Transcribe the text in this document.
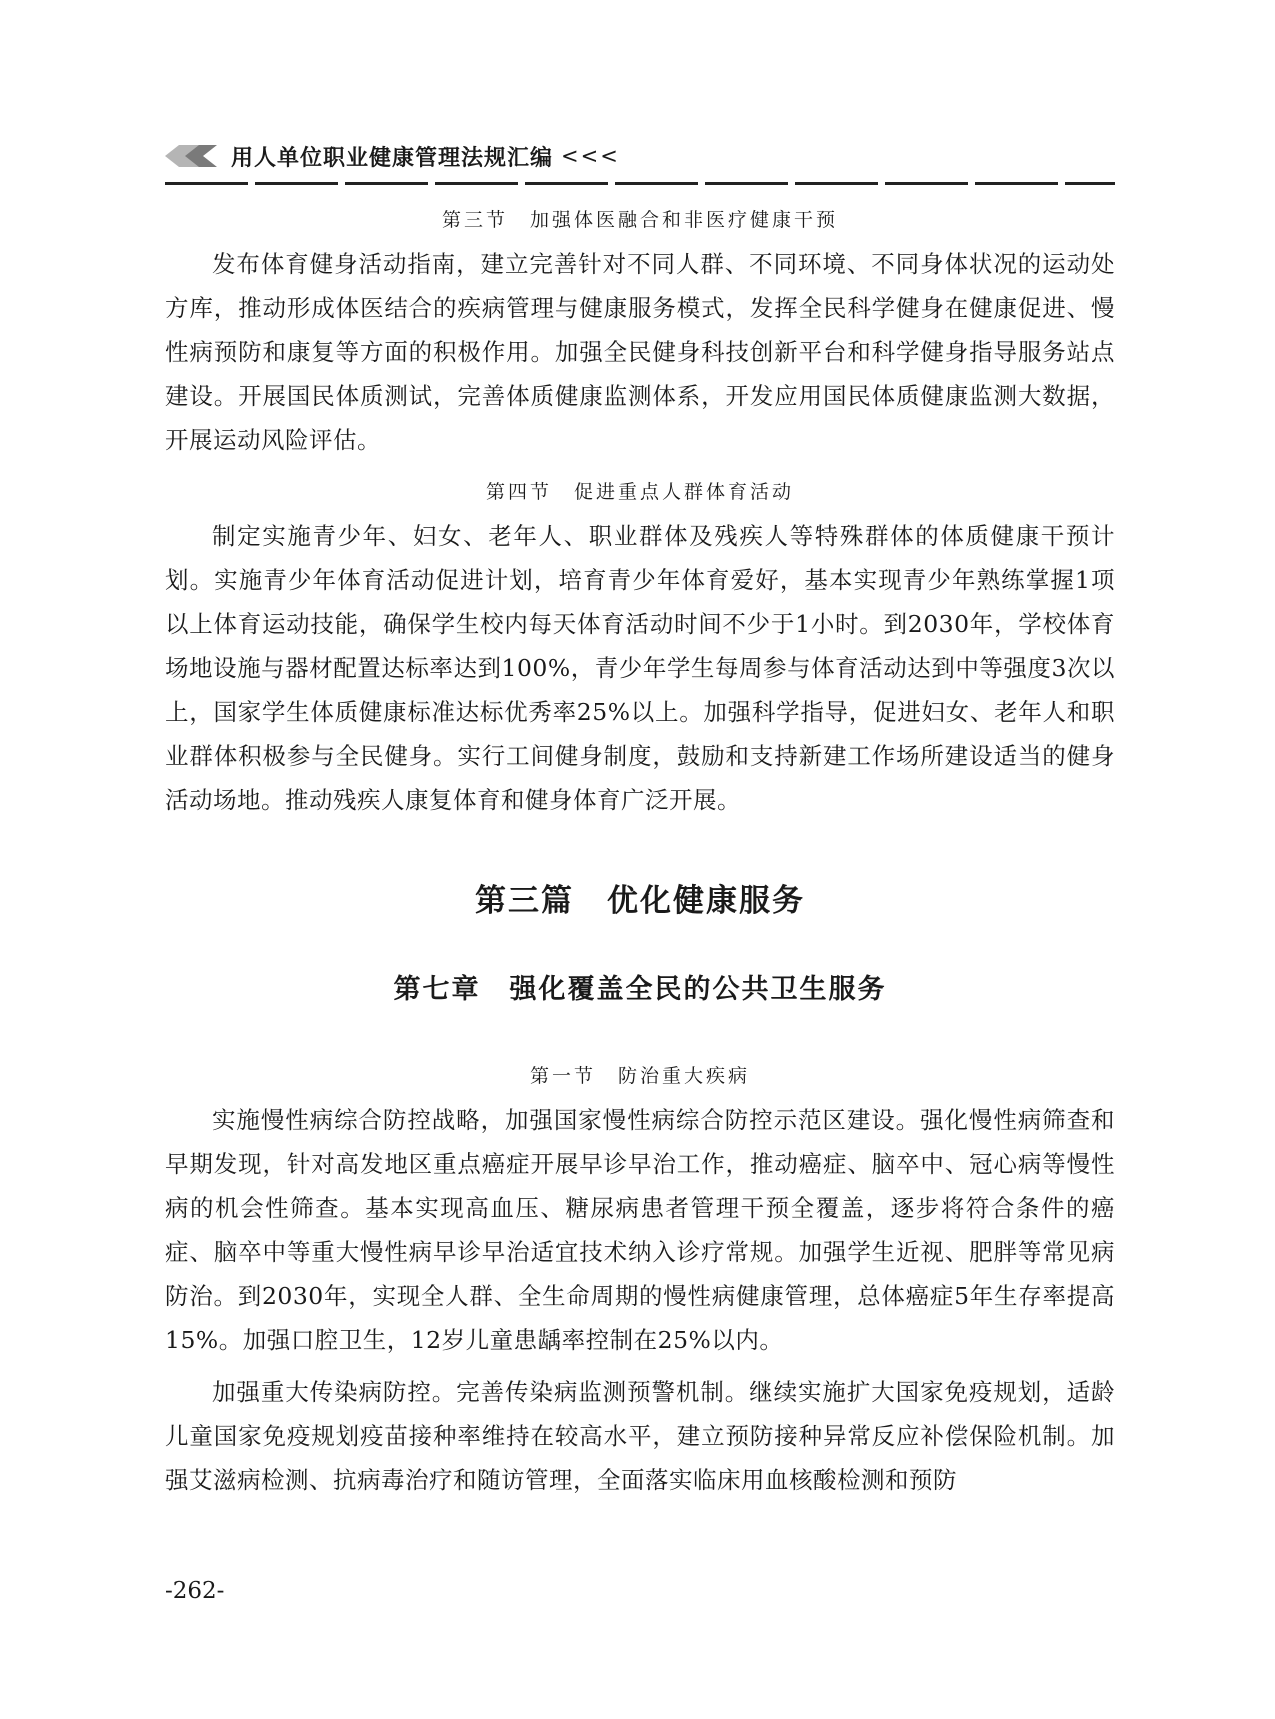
用人单位职业健康管理法规汇编 <<<
第三节　加强体医融合和非医疗健康干预

发布体育健身活动指南，建立完善针对不同人群、不同环境、不同身体状况的运动处方库，推动形成体医结合的疾病管理与健康服务模式，发挥全民科学健身在健康促进、慢性病预防和康复等方面的积极作用。加强全民健身科技创新平台和科学健身指导服务站点建设。开展国民体质测试，完善体质健康监测体系，开发应用国民体质健康监测大数据，开展运动风险评估。

第四节　促进重点人群体育活动

制定实施青少年、妇女、老年人、职业群体及残疾人等特殊群体的体质健康干预计划。实施青少年体育活动促进计划，培育青少年体育爱好，基本实现青少年熟练掌握1项以上体育运动技能，确保学生校内每天体育活动时间不少于1小时。到2030年，学校体育场地设施与器材配置达标率达到100%，青少年学生每周参与体育活动达到中等强度3次以上，国家学生体质健康标准达标优秀率25%以上。加强科学指导，促进妇女、老年人和职业群体积极参与全民健身。实行工间健身制度，鼓励和支持新建工作场所建设适当的健身活动场地。推动残疾人康复体育和健身体育广泛开展。

第三篇　优化健康服务
第七章　强化覆盖全民的公共卫生服务
第一节　防治重大疾病

实施慢性病综合防控战略，加强国家慢性病综合防控示范区建设。强化慢性病筛查和早期发现，针对高发地区重点癌症开展早诊早治工作，推动癌症、脑卒中、冠心病等慢性病的机会性筛查。基本实现高血压、糖尿病患者管理干预全覆盖，逐步将符合条件的癌症、脑卒中等重大慢性病早诊早治适宜技术纳入诊疗常规。加强学生近视、肥胖等常见病防治。到2030年，实现全人群、全生命周期的慢性病健康管理，总体癌症5年生存率提高15%。加强口腔卫生，12岁儿童患龋率控制在25%以内。

加强重大传染病防控。完善传染病监测预警机制。继续实施扩大国家免疫规划，适龄儿童国家免疫规划疫苗接种率维持在较高水平，建立预防接种异常反应补偿保险机制。加强艾滋病检测、抗病毒治疗和随访管理，全面落实临床用血核酸检测和预防

-262-
